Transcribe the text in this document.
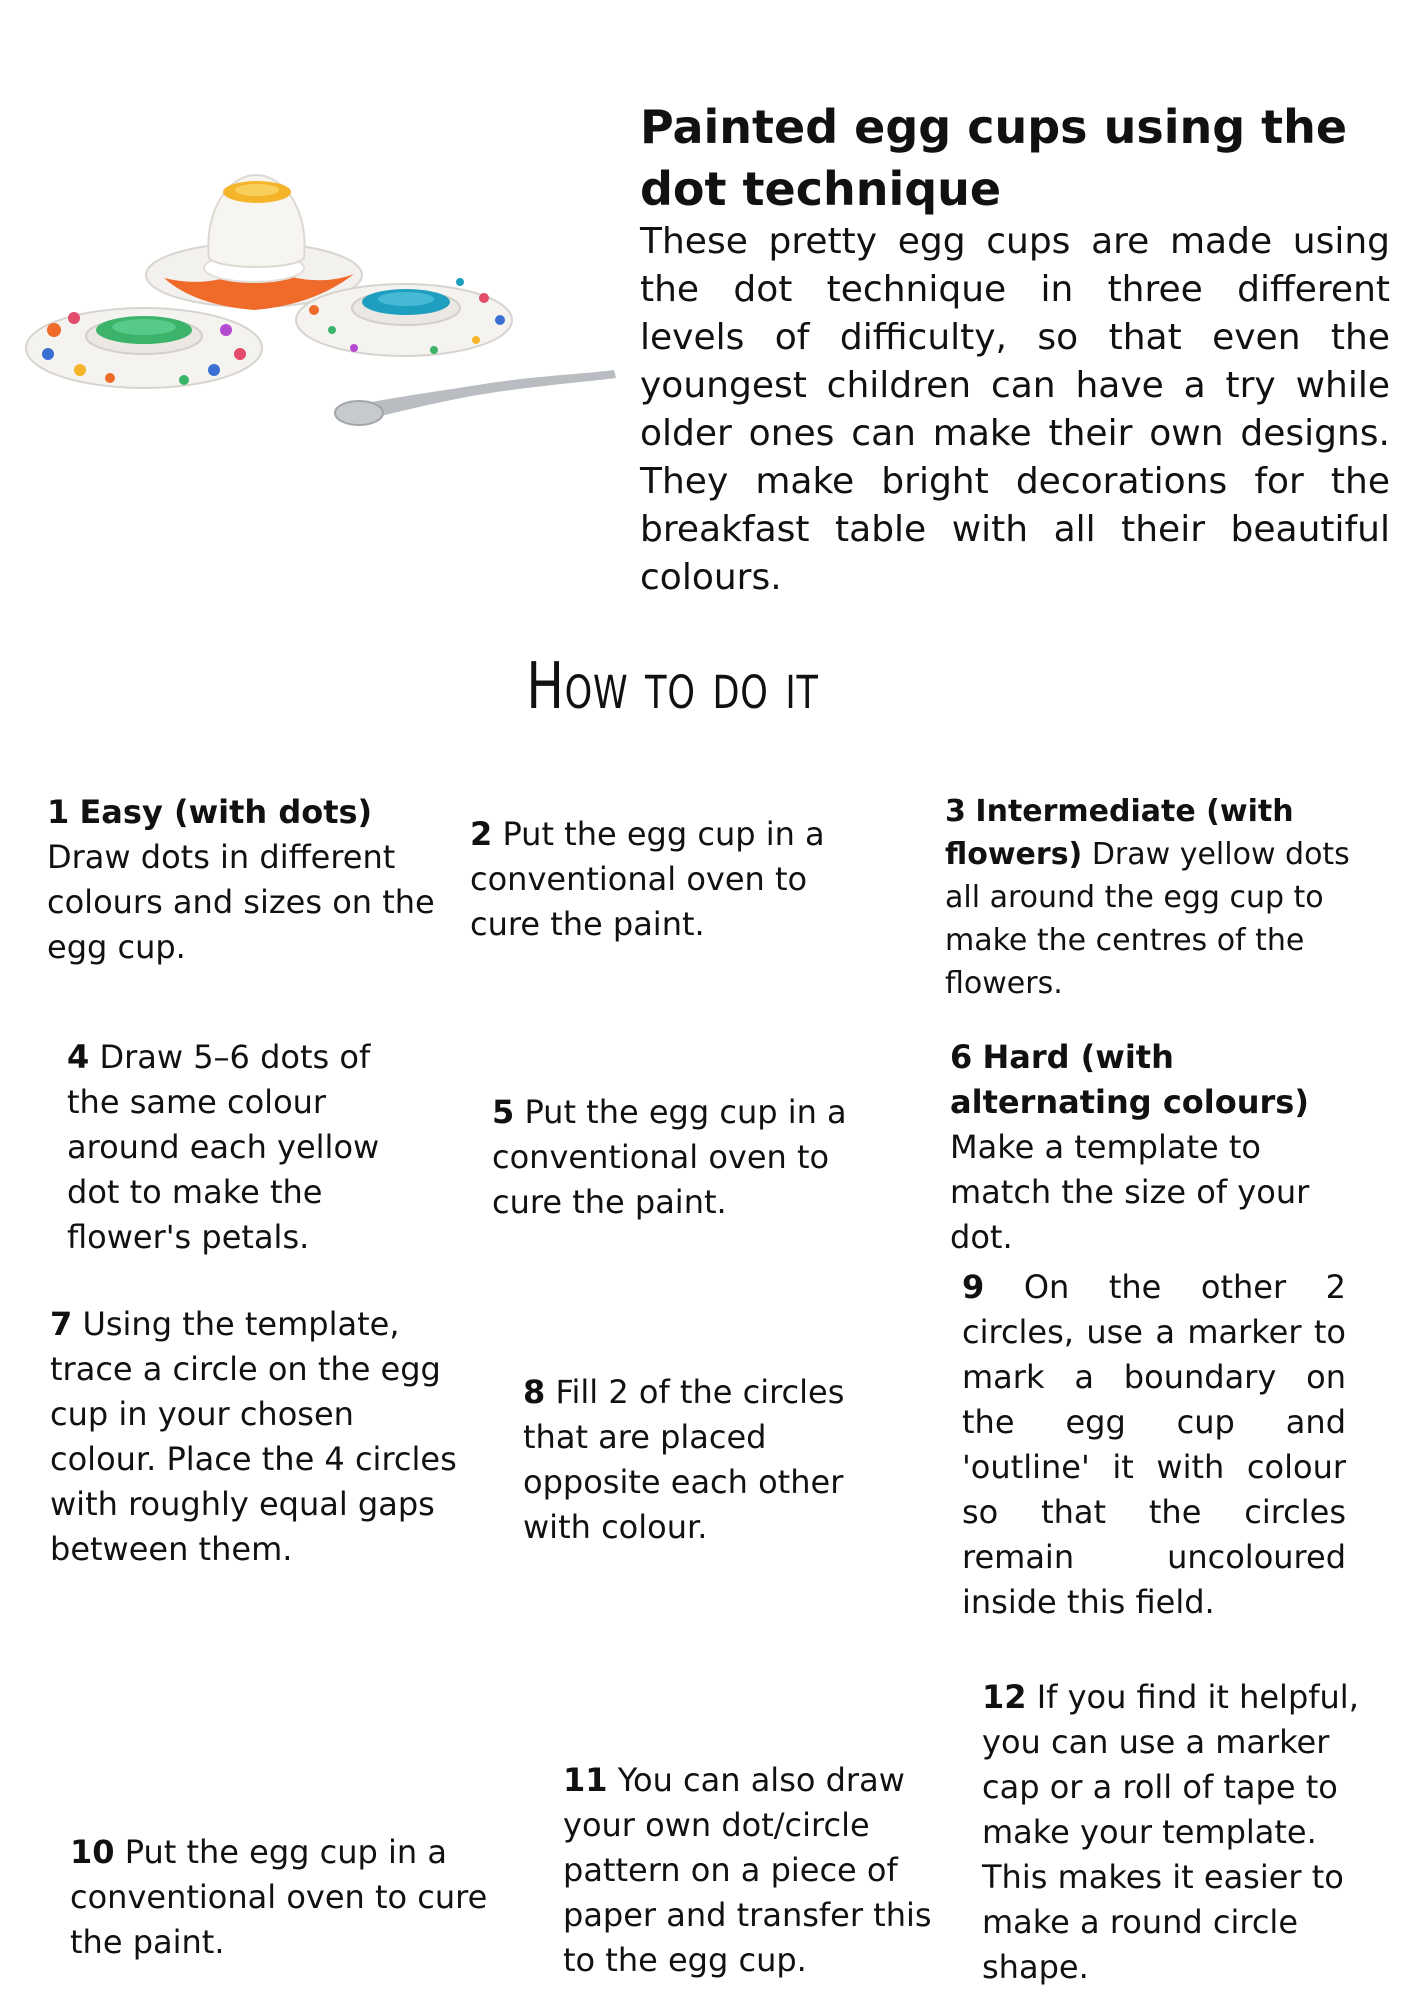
Painted egg cups using the dot technique
These pretty egg cups are made using the dot technique in three different levels of difficulty, so that even the youngest children can have a try while older ones can make their own designs. They make bright decorations for the breakfast table with all their beautiful colours.
How to do it
1 Easy (with dots)
Draw dots in different colours and sizes on the egg cup.
2 Put the egg cup in a conventional oven to cure the paint.
3 Intermediate (with flowers) Draw yellow dots all around the egg cup to make the centres of the flowers.
4 Draw 5–6 dots of the same colour around each yellow dot to make the flower's petals.
5 Put the egg cup in a conventional oven to cure the paint.
6 Hard (with alternating colours) Make a template to match the size of your dot.
7 Using the template, trace a circle on the egg cup in your chosen colour. Place the 4 circles with roughly equal gaps between them.
8 Fill 2 of the circles that are placed opposite each other with colour.
9 On the other 2 circles, use a marker to mark a boundary on the egg cup and 'outline' it with colour so that the circles remain uncoloured inside this field.
10 Put the egg cup in a conventional oven to cure the paint.
11 You can also draw your own dot/circle pattern on a piece of paper and transfer this to the egg cup.
12 If you find it helpful, you can use a marker cap or a roll of tape to make your template. This makes it easier to make a round circle shape.
